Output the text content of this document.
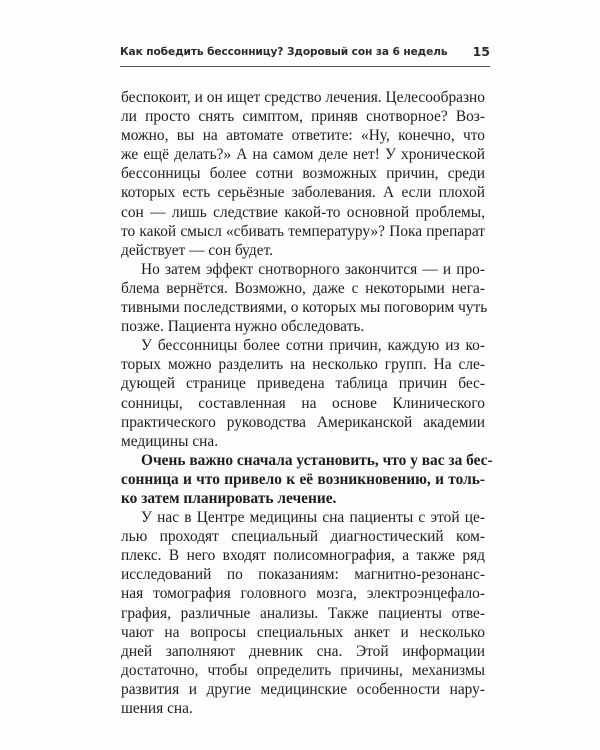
Как победить бессонницу? Здоровый сон за 6 недель	15
беспокоит, и он ищет средство лечения. Целесообразно
ли просто снять симптом, приняв снотворное? Воз-
можно, вы на автомате ответите: «Ну, конечно, что
же ещё делать?» А на самом деле нет! У хронической
бессонницы более сотни возможных причин, среди
которых есть серьёзные заболевания. А если плохой
сон — лишь следствие какой-то основной проблемы,
то какой смысл «сбивать температуру»? Пока препарат
действует — сон будет.
Но затем эффект снотворного закончится — и про-
блема вернётся. Возможно, даже с некоторыми нега-
тивными последствиями, о которых мы поговорим чуть
позже. Пациента нужно обследовать.
У бессонницы более сотни причин, каждую из ко-
торых можно разделить на несколько групп. На сле-
дующей странице приведена таблица причин бес-
сонницы, составленная на основе Клинического
практического руководства Американской академии
медицины сна.
Очень важно сначала установить, что у вас за бес-
сонница и что привело к её возникновению, и толь-
ко затем планировать лечение.
У нас в Центре медицины сна пациенты с этой це-
лью проходят специальный диагностический ком-
плекс. В него входят полисомнография, а также ряд
исследований по показаниям: магнитно-резонанс-
ная томография головного мозга, электроэнцефало-
графия, различные анализы. Также пациенты отве-
чают на вопросы специальных анкет и несколько
дней заполняют дневник сна. Этой информации
достаточно, чтобы определить причины, механизмы
развития и другие медицинские особенности нару-
шения сна.
